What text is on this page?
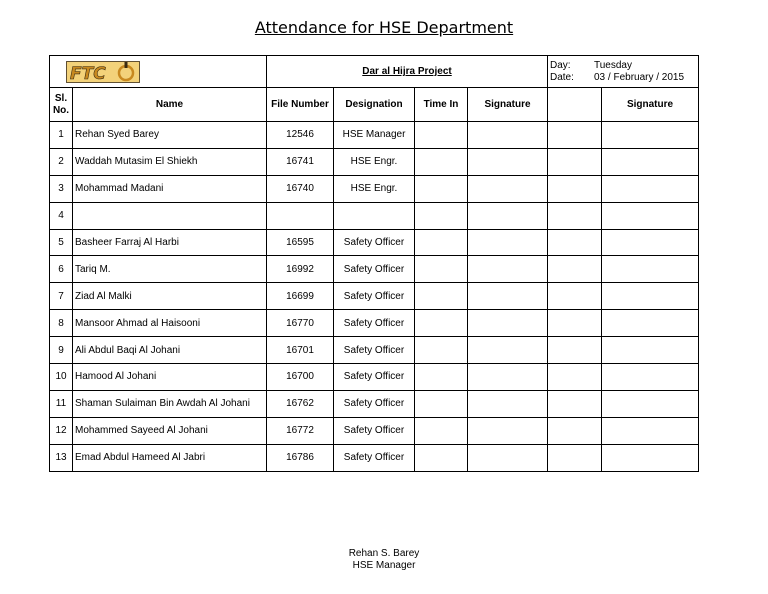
Attendance for HSE Department
FTC		Dar al Hijra Project				Day: Tuesday
Date: 03 / February / 2015	

Sl. No.	Name	File Number	Designation	Time In	Signature		Signature
1	Rehan Syed Barey	12546	HSE Manager				
2	Waddah Mutasim El Shiekh	16741	HSE Engr.				
3	Mohammad Madani	16740	HSE Engr.				
4							
5	Basheer Farraj Al Harbi	16595	Safety Officer				
6	Tariq M.	16992	Safety Officer				
7	Ziad Al Malki	16699	Safety Officer				
8	Mansoor Ahmad al Haisooni	16770	Safety Officer				
9	Ali Abdul Baqi Al Johani	16701	Safety Officer				
10	Hamood Al Johani	16700	Safety Officer				
11	Shaman Sulaiman Bin Awdah Al Johani	16762	Safety Officer				
12	Mohammed Sayeed Al Johani	16772	Safety Officer				
13	Emad Abdul Hameed Al Jabri	16786	Safety Officer				
Rehan S. Barey
HSE Manager
